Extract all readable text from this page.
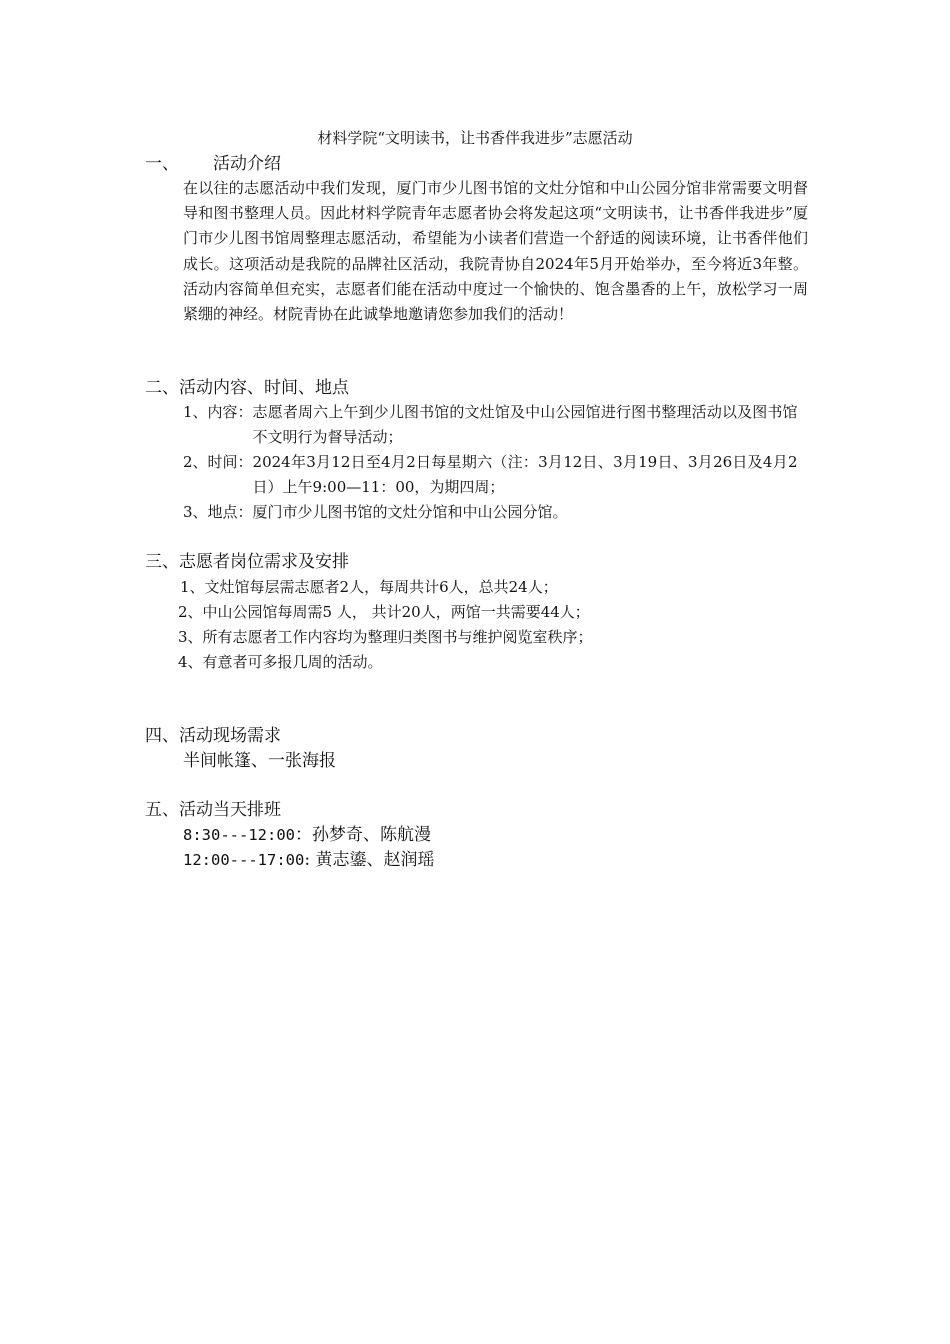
材料学院“文明读书，让书香伴我进步”志愿活动
一、 活动介绍

在以往的志愿活动中我们发现，厦门市少儿图书馆的文灶分馆和中山公园分馆非常需要文明督导和图书整理人员。因此材料学院青年志愿者协会将发起这项“文明读书，让书香伴我进步”厦门市少儿图书馆周整理志愿活动，希望能为小读者们营造一个舒适的阅读环境，让书香伴他们成长。这项活动是我院的品牌社区活动，我院青协自2024年5月开始举办，至今将近3年整。活动内容简单但充实，志愿者们能在活动中度过一个愉快的、饱含墨香的上午，放松学习一周紧绷的神经。材院青协在此诚挚地邀请您参加我们的活动！

二、活动内容、时间、地点
1、内容：志愿者周六上午到少儿图书馆的文灶馆及中山公园馆进行图书整理活动以及图书馆不文明行为督导活动；
2、时间：2024年3月12日至4月2日每星期六（注：3月12日、3月19日、3月26日及4月2日）上午9:00—11：00，为期四周；
3、地点：厦门市少儿图书馆的文灶分馆和中山公园分馆。
三、志愿者岗位需求及安排
1、文灶馆每层需志愿者2人，每周共计6人，总共24人；
2、中山公园馆每周需5 人， 共计20人，两馆一共需要44人；
3、所有志愿者工作内容均为整理归类图书与维护阅览室秩序；
4、有意者可多报几周的活动。
四、活动现场需求
半间帐篷、一张海报
五、活动当天排班
8:30---12:00：孙梦奇、陈航漫
12:00---17:00: 黄志鎏、赵润瑶
